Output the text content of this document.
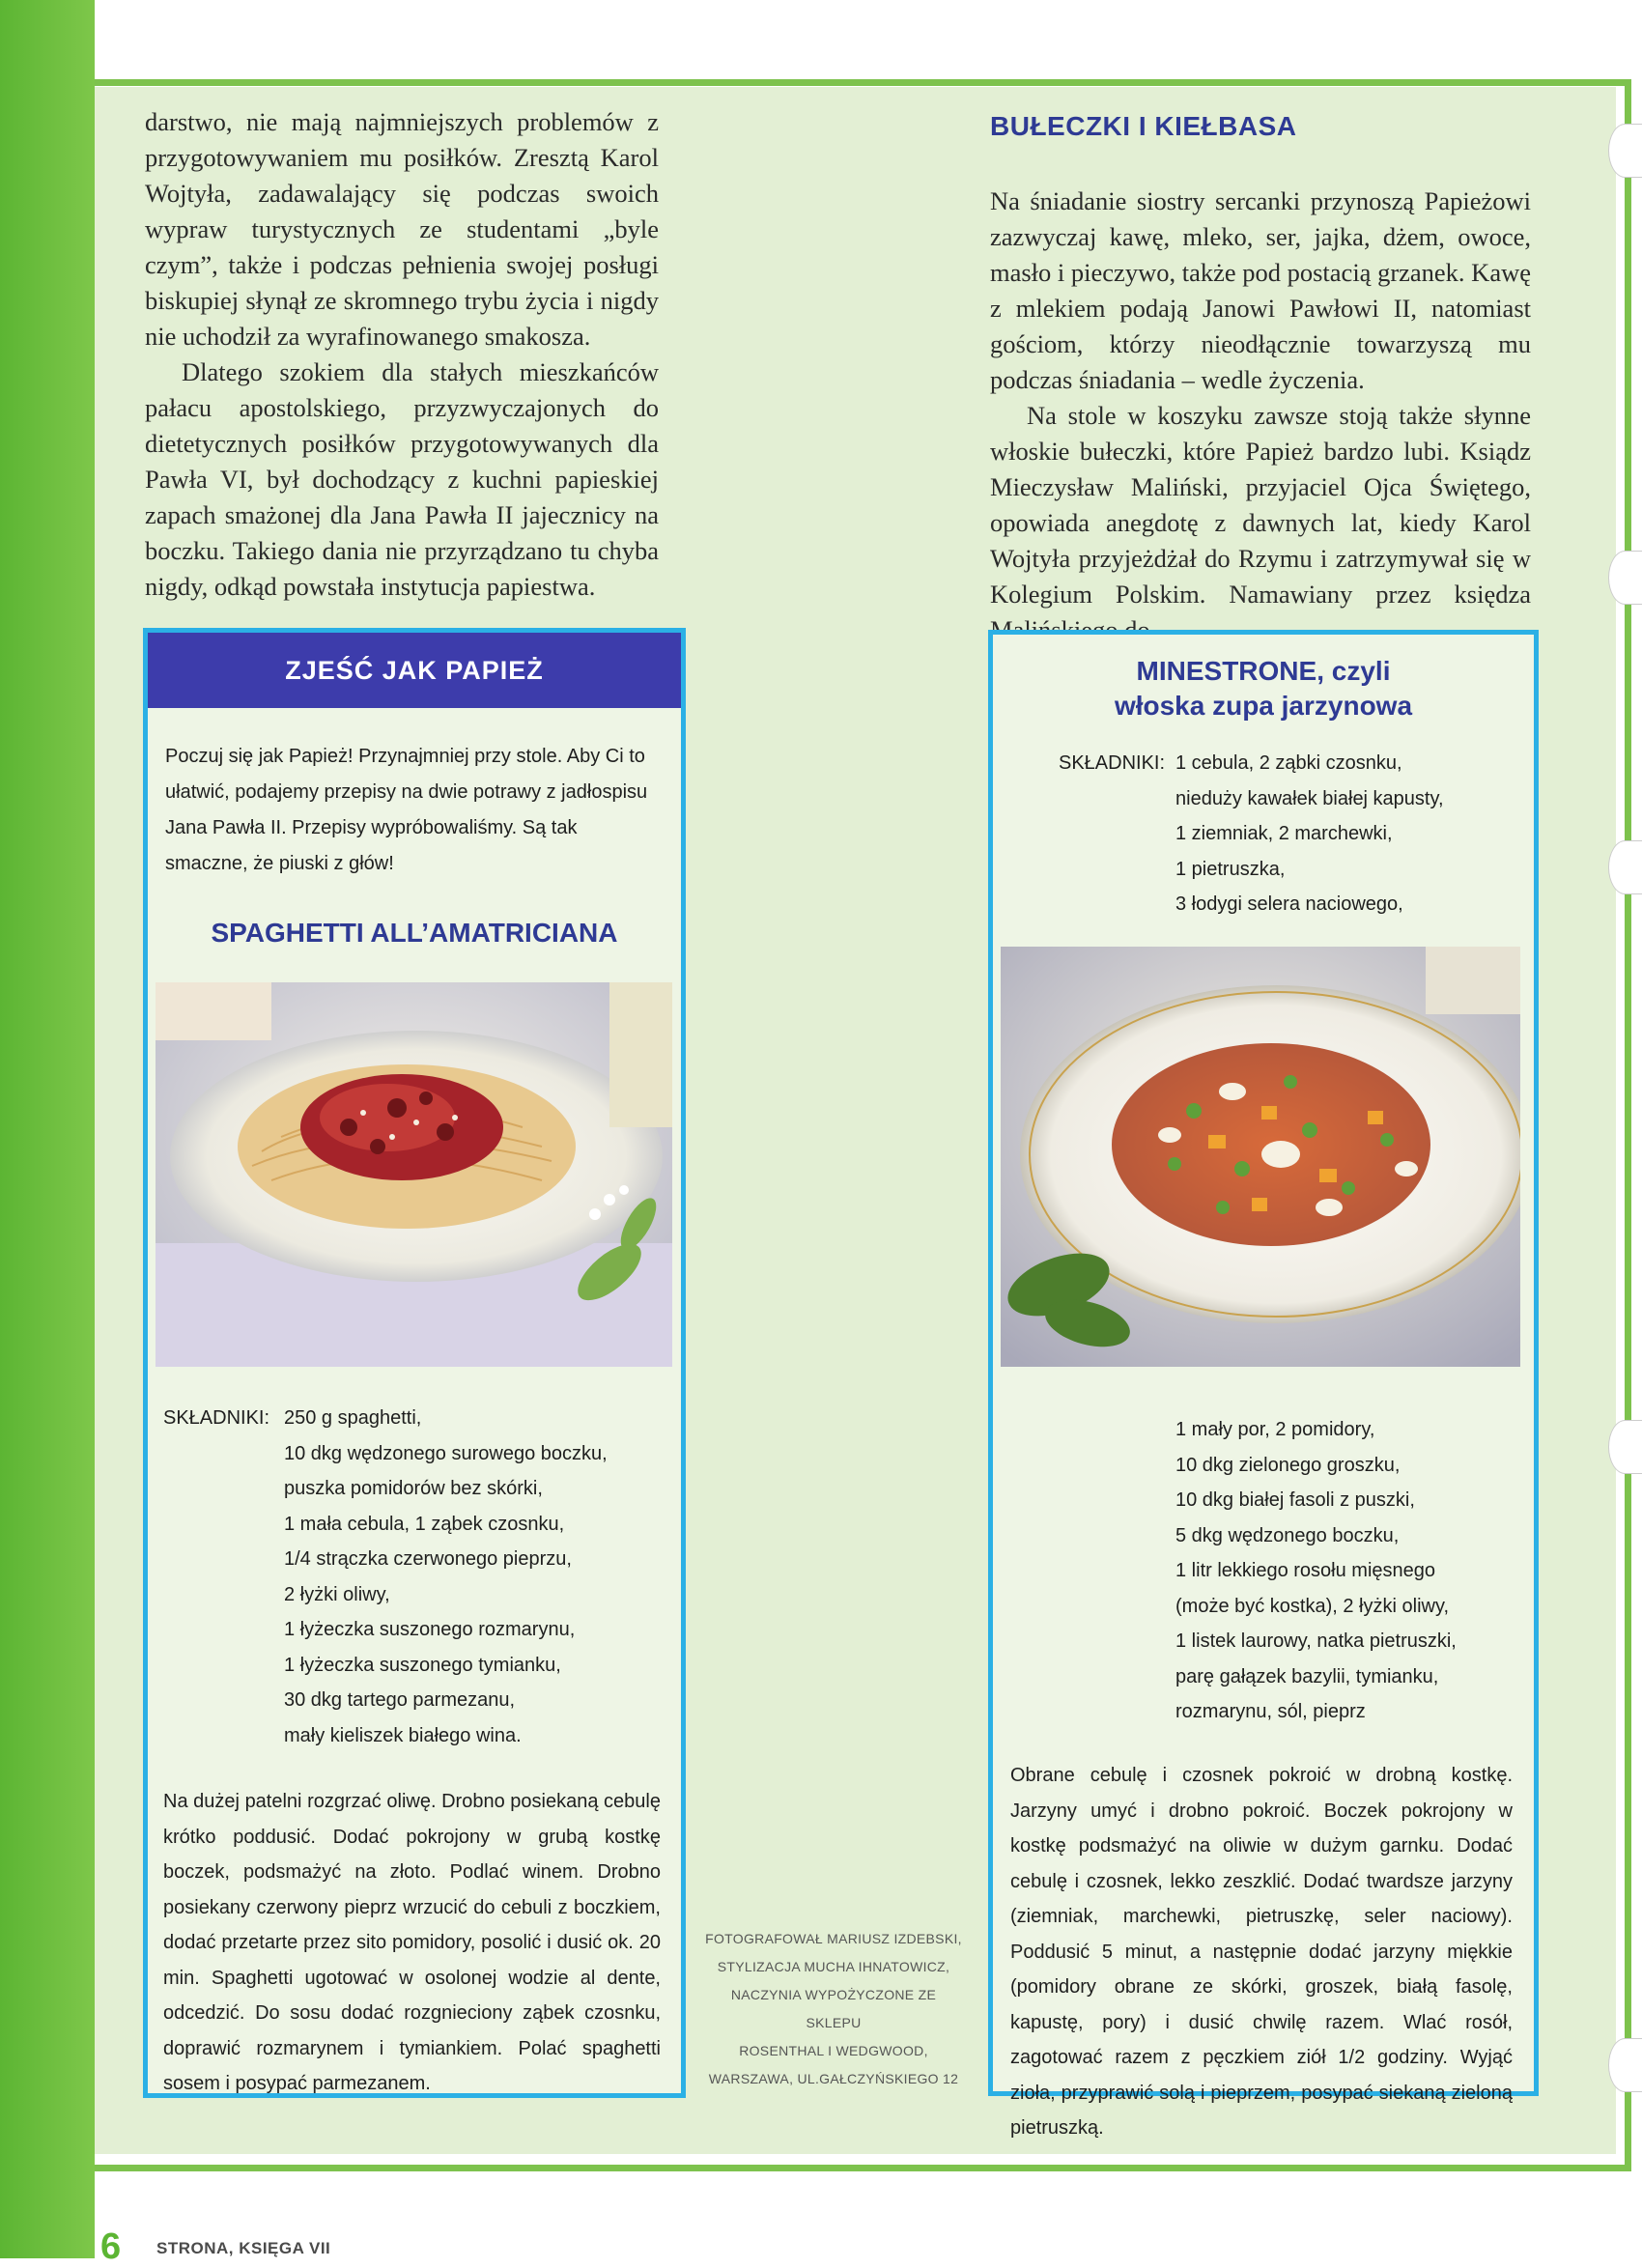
darstwo, nie mają najmniejszych problemów z przygotowywaniem mu posiłków. Zresztą Karol Wojtyła, zadawalający się podczas swoich wypraw turystycznych ze studentami „byle czym”, także i podczas pełnienia swojej posługi biskupiej słynął ze skromnego trybu życia i nigdy nie uchodził za wyrafinowanego smakosza.

Dlatego szokiem dla stałych mieszkańców pałacu apostolskiego, przyzwyczajonych do dietetycznych posiłków przygotowywanych dla Pawła VI, był dochodzący z kuchni papieskiej zapach smażonej dla Jana Pawła II jajecznicy na boczku. Takiego dania nie przyrządzano tu chyba nigdy, odkąd powstała instytucja papiestwa.

BUŁECZKI I KIEŁBASA

Na śniadanie siostry sercanki przynoszą Papieżowi zazwyczaj kawę, mleko, ser, jajka, dżem, owoce, masło i pieczywo, także pod postacią grzanek. Kawę z mlekiem podają Janowi Pawłowi II, natomiast gościom, którzy nieodłącznie towarzyszą mu podczas śniadania – wedle życzenia.

Na stole w koszyku zawsze stoją także słynne włoskie bułeczki, które Papież bardzo lubi. Ksiądz Mieczysław Maliński, przyjaciel Ojca Świętego, opowiada anegdotę z dawnych lat, kiedy Karol Wojtyła przyjeżdżał do Rzymu i zatrzymywał się w Kolegium Polskim. Namawiany przez księdza

ZJEŚĆ JAK PAPIEŻ

Poczuj się jak Papież! Przynajmniej przy stole. Aby Ci to ułatwić, podajemy przepisy na dwie potrawy z jadłospisu Jana Pawła II. Przepisy wypróbowaliśmy. Są tak smaczne, że piuski z głów!

SPAGHETTI ALL’AMATRICIANA
SKŁADNIKI: 250 g spaghetti,
10 dkg wędzonego surowego boczku,
puszka pomidorów bez skórki,
1 mała cebula, 1 ząbek czosnku,
1/4 strączka czerwonego pieprzu,
2 łyżki oliwy,
1 łyżeczka suszonego rozmarynu,
1 łyżeczka suszonego tymianku,
30 dkg tartego parmezanu,
mały kieliszek białego wina.

Na dużej patelni rozgrzać oliwę. Drobno posiekaną cebulę krótko poddusić. Dodać pokrojony w grubą kostkę boczek, podsmażyć na złoto. Podlać winem. Drobno posiekany czerwony pieprz wrzucić do cebuli z boczkiem, dodać przetarte przez sito pomidory, posolić i dusić ok. 20 min. Spaghetti ugotować w osolonej wodzie al dente, odcedzić. Do sosu dodać rozgnieciony ząbek czosnku, doprawić rozmarynem i tymiankiem. Polać spaghetti sosem i posypać parmezanem.

MINESTRONE, czyli
włoska zupa jarzynowa
SKŁADNIKI: 1 cebula, 2 ząbki czosnku,
nieduży kawałek białej kapusty,
1 ziemniak, 2 marchewki,
1 pietruszka,
3 łodygi selera naciowego,
1 mały por, 2 pomidory,
10 dkg zielonego groszku,
10 dkg białej fasoli z puszki,
5 dkg wędzonego boczku,
1 litr lekkiego rosołu mięsnego
(może być kostka), 2 łyżki oliwy,
1 listek laurowy, natka pietruszki,
parę gałązek bazylii, tymianku,
rozmarynu, sól, pieprz

Obrane cebulę i czosnek pokroić w drobną kostkę. Jarzyny umyć i drobno pokroić. Boczek pokrojony w kostkę podsmażyć na oliwie w dużym garnku. Dodać cebulę i czosnek, lekko zeszklić. Dodać twardsze jarzyny (ziemniak, marchewki, pietruszkę, seler naciowy). Poddusić 5 minut, a następnie dodać jarzyny miękkie (pomidory obrane ze skórki, groszek, białą fasolę, kapustę, pory) i dusić chwilę razem. Wlać rosół, zagotować razem z pęczkiem ziół 1/2 godziny. Wyjąć zioła, przyprawić solą i pieprzem, posypać siekaną zieloną pietruszką.

FOTOGRAFOWAŁ MARIUSZ IZDEBSKI,
STYLIZACJA MUCHA IHNATOWICZ,
NACZYNIA WYPOŻYCZONE ZE SKLEPU
ROSENTHAL I WEDGWOOD,
WARSZAWA, UL.GAŁCZYŃSKIEGO 12
6 STRONA, KSIĘGA VII
